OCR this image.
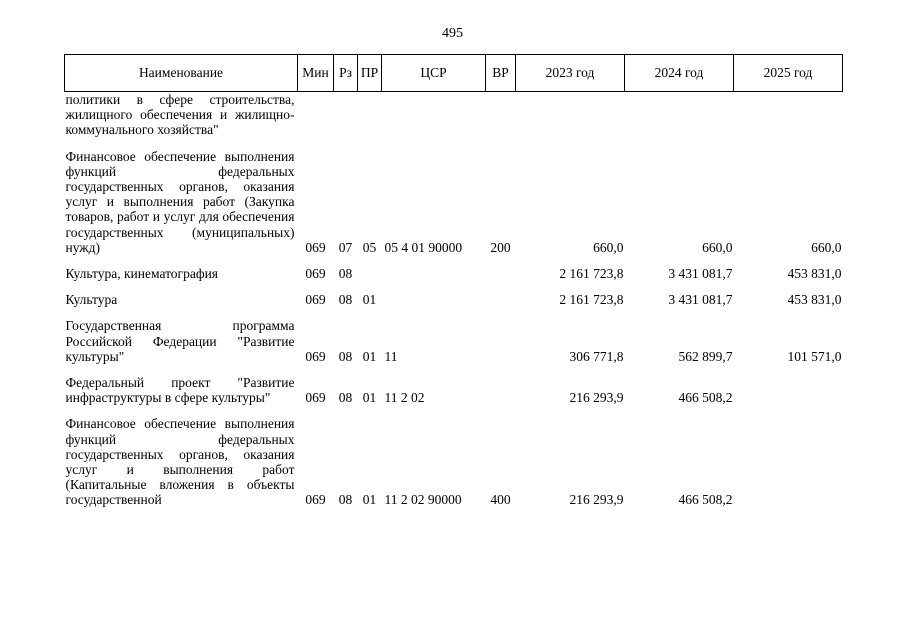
495
Наименование	Мин	Рз	ПР	ЦСР	ВР	2023 год	2024 год	2025 год
политики в сфере строительства, жилищного обеспечения и жилищно-коммунального хозяйства"								

Финансовое обеспечение выполнения функций федеральных государственных органов, оказания услуг и выполнения работ (Закупка товаров, работ и услуг для обеспечения государственных (муниципальных) нужд)	069	07	05	05 4 01 90000	200	660,0	660,0	660,0

Культура, кинематография	069	08				2 161 723,8	3 431 081,7	453 831,0

Культура	069	08	01			2 161 723,8	3 431 081,7	453 831,0

Государственная программа Российской Федерации "Развитие культуры"	069	08	01	11		306 771,8	562 899,7	101 571,0

Федеральный проект "Развитие инфраструктуры в сфере культуры"	069	08	01	11 2 02		216 293,9	466 508,2	

Финансовое обеспечение выполнения функций федеральных государственных органов, оказания услуг и выполнения работ (Капитальные вложения в объекты государственной	069	08	01	11 2 02 90000	400	216 293,9	466 508,2	
